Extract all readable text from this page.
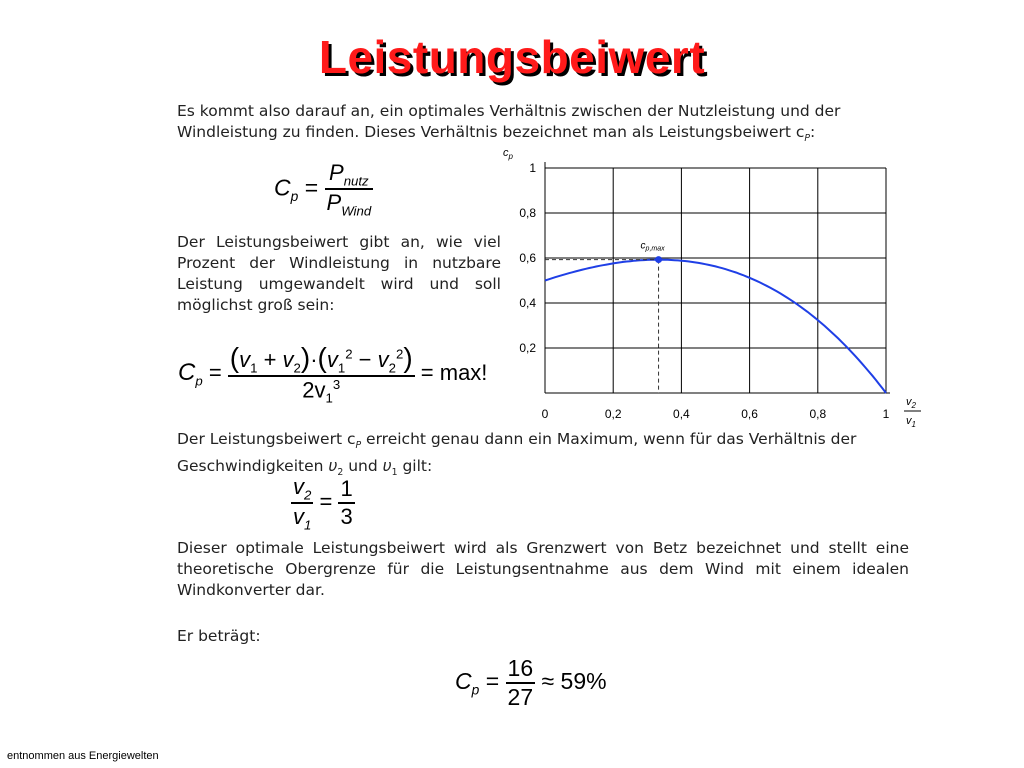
Leistungsbeiwert
Es kommt also darauf an, ein optimales Verhältnis zwischen der Nutzleistung und der Windleistung zu finden. Dieses Verhältnis bezeichnet man als Leistungsbeiwert $c_P$:
$C_p = \frac{P_{nutz}}{P_{Wind}}$
Der Leistungsbeiwert gibt an, wie viel Prozent der Windleistung in nutzbare Leistung umgewandelt wird und soll möglichst groß sein:
$C_p = \frac{(v_1 + v_2)\cdot(v_1^2 - v_2^2)}{2v_1^3} = \max$!
0	0,2	0,4	0,6	0,8	1
0,2
0,4
0,6
0,8
1
$c_{p,max}$
$c_p$
$v_2$
$v_1$
Der Leistungsbeiwert $c_P$ erreicht genau dann ein Maximum, wenn für das Verhältnis der Geschwindigkeiten $\upsilon_2$ und $\upsilon_1$ gilt:
$\frac{v_2}{v_1} = \frac{1}{3}$
Dieser optimale Leistungsbeiwert wird als Grenzwert von Betz bezeichnet und stellt eine theoretische Obergrenze für die Leistungsentnahme aus dem Wind mit einem idealen Windkonverter dar.
Er beträgt:
$C_p = \frac{16}{27} \approx 59\%$
entnommen aus Energiewelten
